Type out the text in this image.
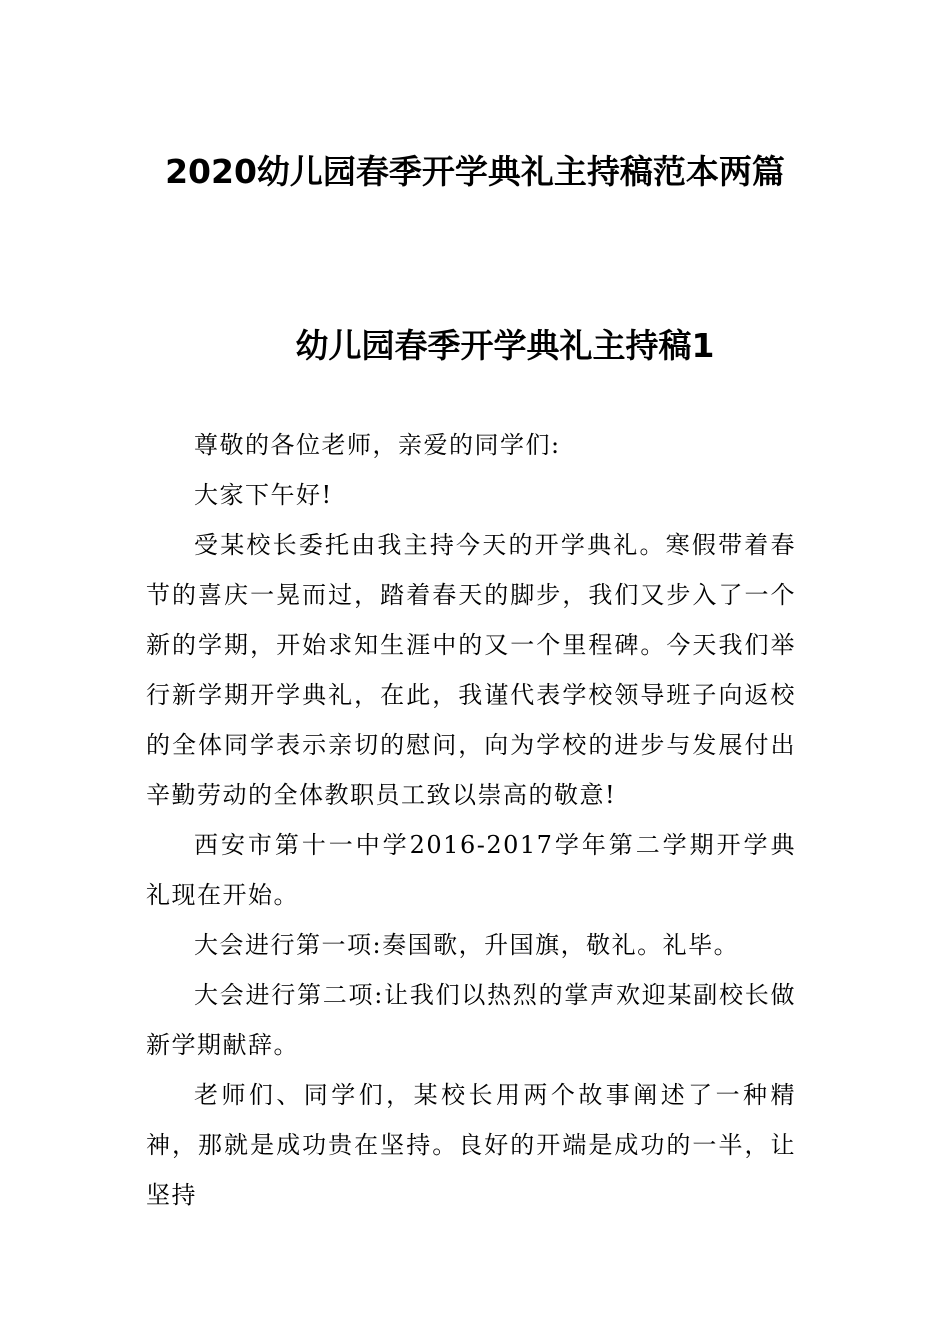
2020幼儿园春季开学典礼主持稿范本两篇
幼儿园春季开学典礼主持稿1

尊敬的各位老师，亲爱的同学们:

大家下午好!

受某校长委托由我主持今天的开学典礼。寒假带着春节的喜庆一晃而过，踏着春天的脚步，我们又步入了一个新的学期，开始求知生涯中的又一个里程碑。今天我们举行新学期开学典礼，在此，我谨代表学校领导班子向返校的全体同学表示亲切的慰问，向为学校的进步与发展付出辛勤劳动的全体教职员工致以崇高的敬意!

西安市第十一中学2016-2017学年第二学期开学典礼现在开始。

大会进行第一项:奏国歌，升国旗，敬礼。礼毕。

大会进行第二项:让我们以热烈的掌声欢迎某副校长做新学期献辞。

老师们、同学们，某校长用两个故事阐述了一种精神，那就是成功贵在坚持。良好的开端是成功的一半，让坚持
